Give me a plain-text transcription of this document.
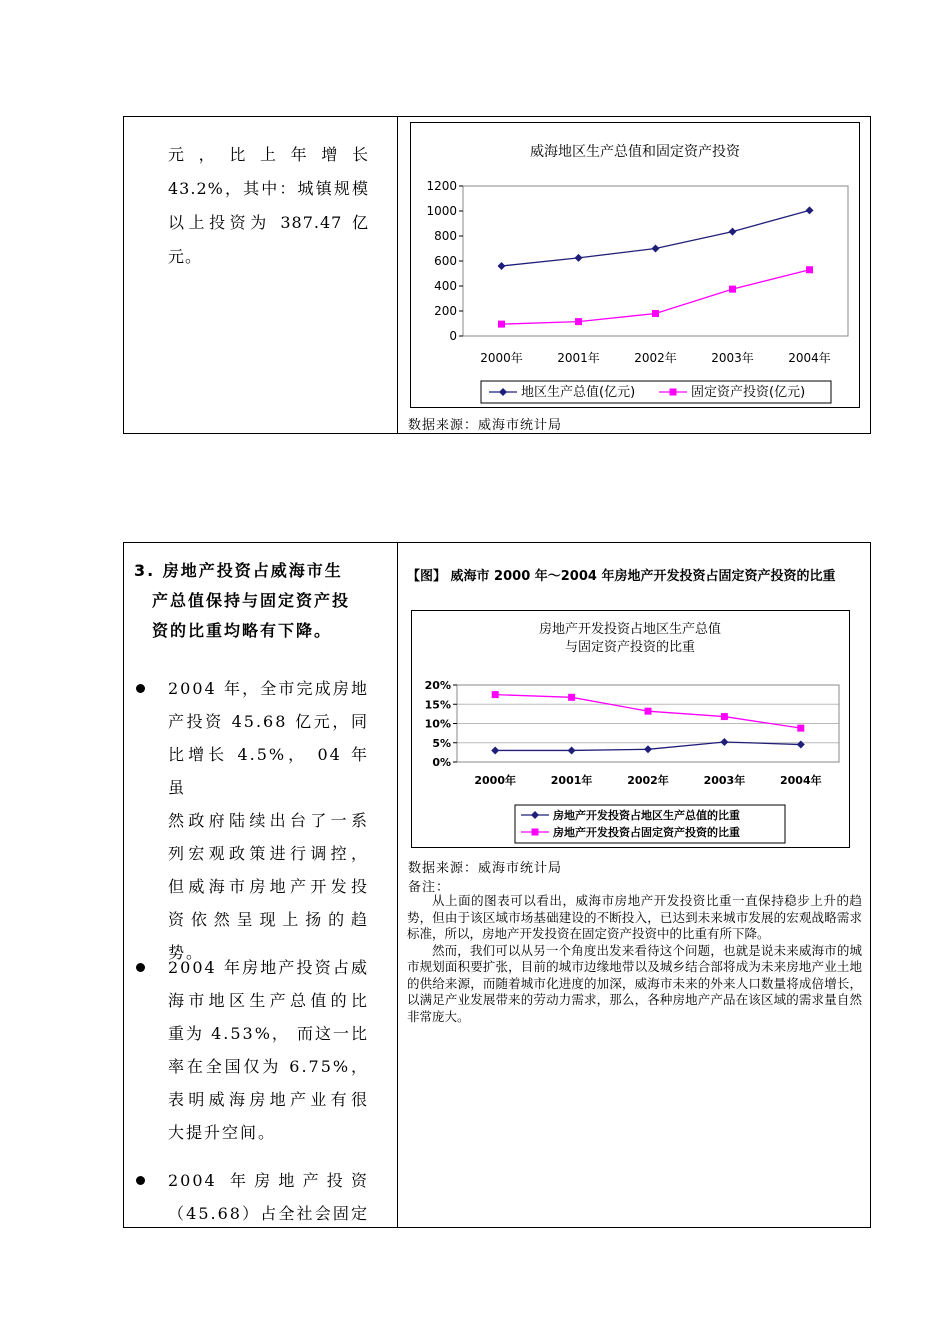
元，比上年增长
43.2%，其中：城镇规模
以上投资为 387.47 亿
元。
威海地区生产总值和固定资产投资
0
200
400
600
800
1000
1200
2000年	2001年	2002年	2003年	2004年
地区生产总值(亿元)	固定资产投资(亿元)
数据来源：威海市统计局
3. 房地产投资占威海市生
产总值保持与固定资产投
资的比重均略有下降。
2004 年，全市完成房地
产投资 45.68 亿元，同
比增长 4.5%， 04 年虽
然政府陆续出台了一系
列宏观政策进行调控，
但威海市房地产开发投
资依然呈现上扬的趋
势。
2004 年房地产投资占威
海市地区生产总值的比
重为 4.53%， 而这一比
率在全国仅为 6.75%，
表明威海房地产业有很
大提升空间。
2004 年房地产投资
（45.68）占全社会固定
【图】 威海市 2000 年～2004 年房地产开发投资占固定资产投资的比重
房地产开发投资占地区生产总值
与固定资产投资的比重
0%
5%
10%
15%
20%
2000年	2001年	2002年	2003年	2004年
房地产开发投资占地区生产总值的比重
房地产开发投资占固定资产投资的比重
数据来源：威海市统计局
备注：

从上面的图表可以看出，威海市房地产开发投资比重一直保持稳步上升的趋势，但由于该区域市场基础建设的不断投入，已达到未来城市发展的宏观战略需求标准，所以，房地产开发投资在固定资产投资中的比重有所下降。

然而，我们可以从另一个角度出发来看待这个问题，也就是说未来威海市的城市规划面积要扩张，目前的城市边缘地带以及城乡结合部将成为未来房地产业土地的供给来源，而随着城市化进度的加深，威海市未来的外来人口数量将成倍增长，以满足产业发展带来的劳动力需求，那么，各种房地产产品在该区域的需求量自然非常庞大。
